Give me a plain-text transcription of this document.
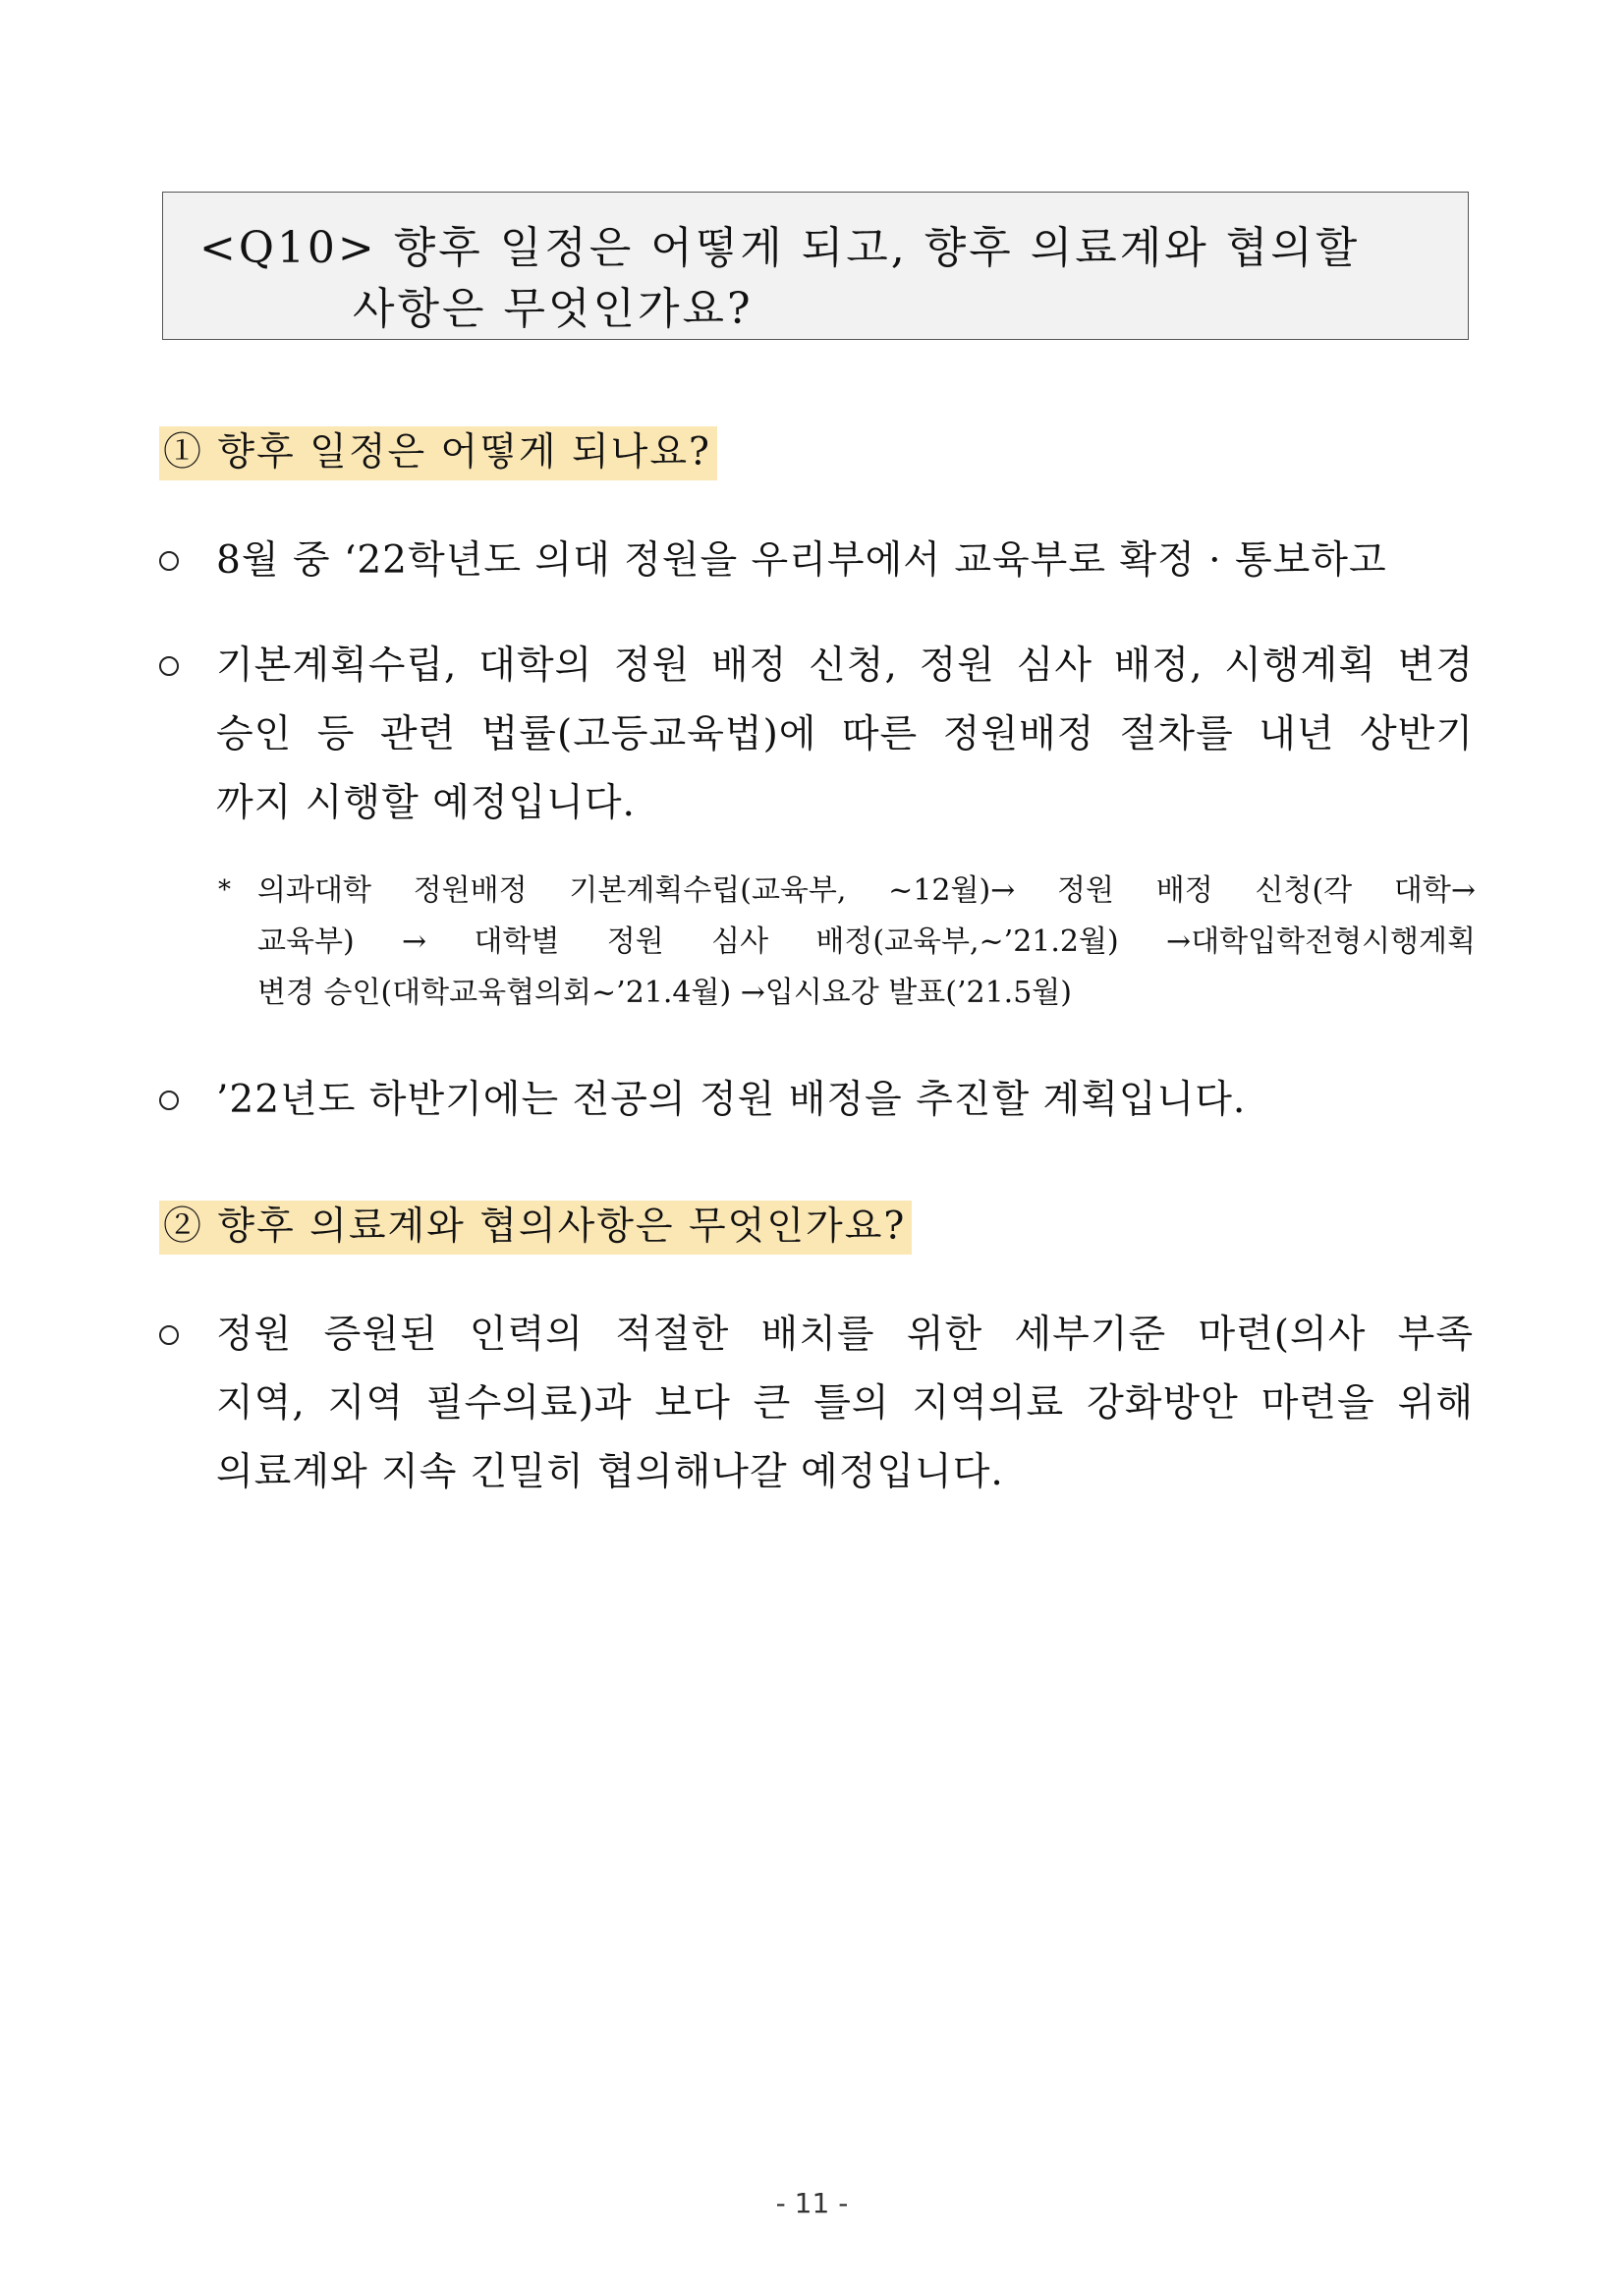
<Q10> 향후 일정은 어떻게 되고, 향후 의료계와 협의할
사항은 무엇인가요?
① 향후 일정은 어떻게 되나요?
8월 중 ‘22학년도 의대 정원을 우리부에서 교육부로 확정 · 통보하고
기본계획수립, 대학의 정원 배정 신청, 정원 심사 배정, 시행계획 변경
승인 등 관련 법률(고등교육법)에 따른 정원배정 절차를 내년 상반기
까지 시행할 예정입니다.
* 의과대학 정원배정 기본계획수립(교육부, ~12월)→ 정원 배정 신청(각 대학→
교육부) → 대학별 정원 심사 배정(교육부,~’21.2월) →대학입학전형시행계획
변경 승인(대학교육협의회~’21.4월) →입시요강 발표(’21.5월)
’22년도 하반기에는 전공의 정원 배정을 추진할 계획입니다.
② 향후 의료계와 협의사항은 무엇인가요?
정원 증원된 인력의 적절한 배치를 위한 세부기준 마련(의사 부족
지역, 지역 필수의료)과 보다 큰 틀의 지역의료 강화방안 마련을 위해
의료계와 지속 긴밀히 협의해나갈 예정입니다.
- 11 -
